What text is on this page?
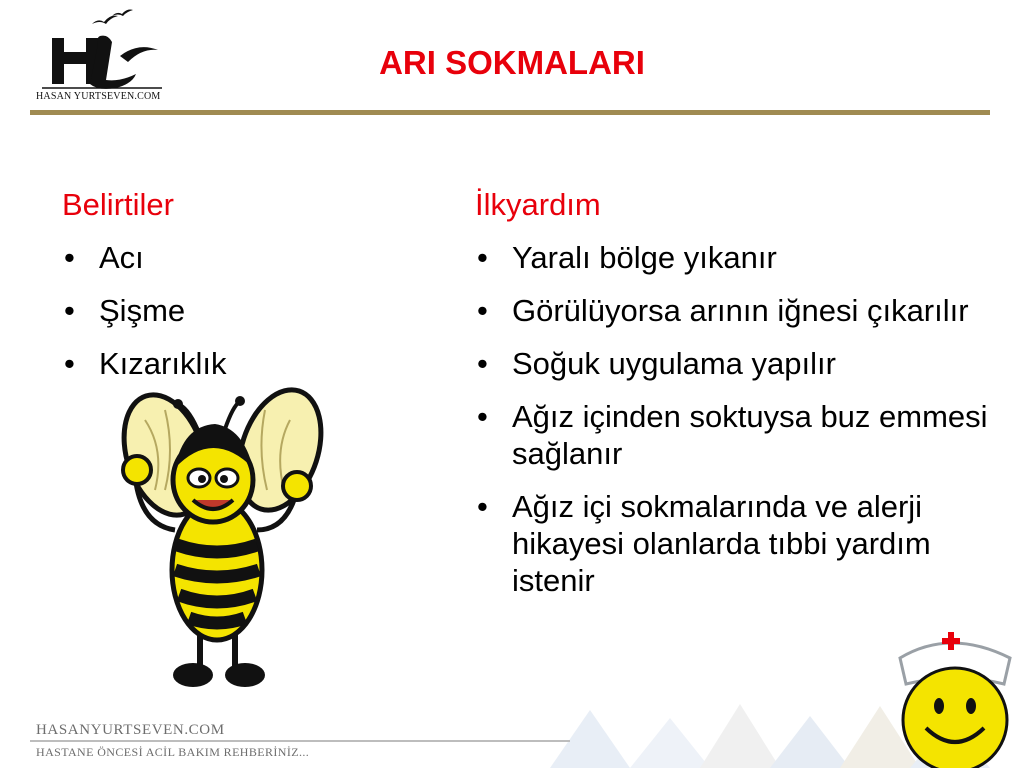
HASAN YURTSEVEN.COM
ARI SOKMALARI
Belirtiler
• Acı
• Şişme
• Kızarıklık
İlkyardım
• Yaralı bölge yıkanır
• Görülüyorsa arının iğnesi çıkarılır
• Soğuk uygulama yapılır
• Ağız içinden soktuysa buz emmesi sağlanır
• Ağız içi sokmalarında ve alerji hikayesi olanlarda tıbbi yardım istenir
HASANYURTSEVEN.COM
HASTANE ÖNCESİ ACİL BAKIM REHBERİNİZ...
